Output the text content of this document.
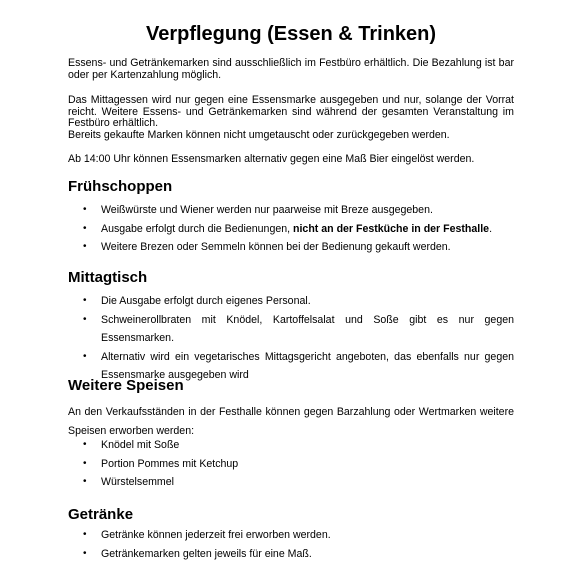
Verpflegung (Essen & Trinken)

Essens- und Getränkemarken sind ausschließlich im Festbüro erhältlich. Die Bezahlung ist bar oder per Kartenzahlung möglich.

Das Mittagessen wird nur gegen eine Essensmarke ausgegeben und nur, solange der Vorrat reicht. Weitere Essens- und Getränkemarken sind während der gesamten Veranstaltung im Festbüro erhältlich.
Bereits gekaufte Marken können nicht umgetauscht oder zurückgegeben werden.

Ab 14:00 Uhr können Essensmarken alternativ gegen eine Maß Bier eingelöst werden.

Frühschoppen
• Weißwürste und Wiener werden nur paarweise mit Breze ausgegeben.
• Ausgabe erfolgt durch die Bedienungen, nicht an der Festküche in der Festhalle.
• Weitere Brezen oder Semmeln können bei der Bedienung gekauft werden.
Mittagtisch
• Die Ausgabe erfolgt durch eigenes Personal.
• Schweinerollbraten mit Knödel, Kartoffelsalat und Soße gibt es nur gegen Essensmarken.
• Alternativ wird ein vegetarisches Mittagsgericht angeboten, das ebenfalls nur gegen Essensmarke ausgegeben wird
Weitere Speisen

An den Verkaufsständen in der Festhalle können gegen Barzahlung oder Wertmarken weitere Speisen erworben werden:

• Knödel mit Soße
• Portion Pommes mit Ketchup
• Würstelsemmel
Getränke
• Getränke können jederzeit frei erworben werden.
• Getränkemarken gelten jeweils für eine Maß.
